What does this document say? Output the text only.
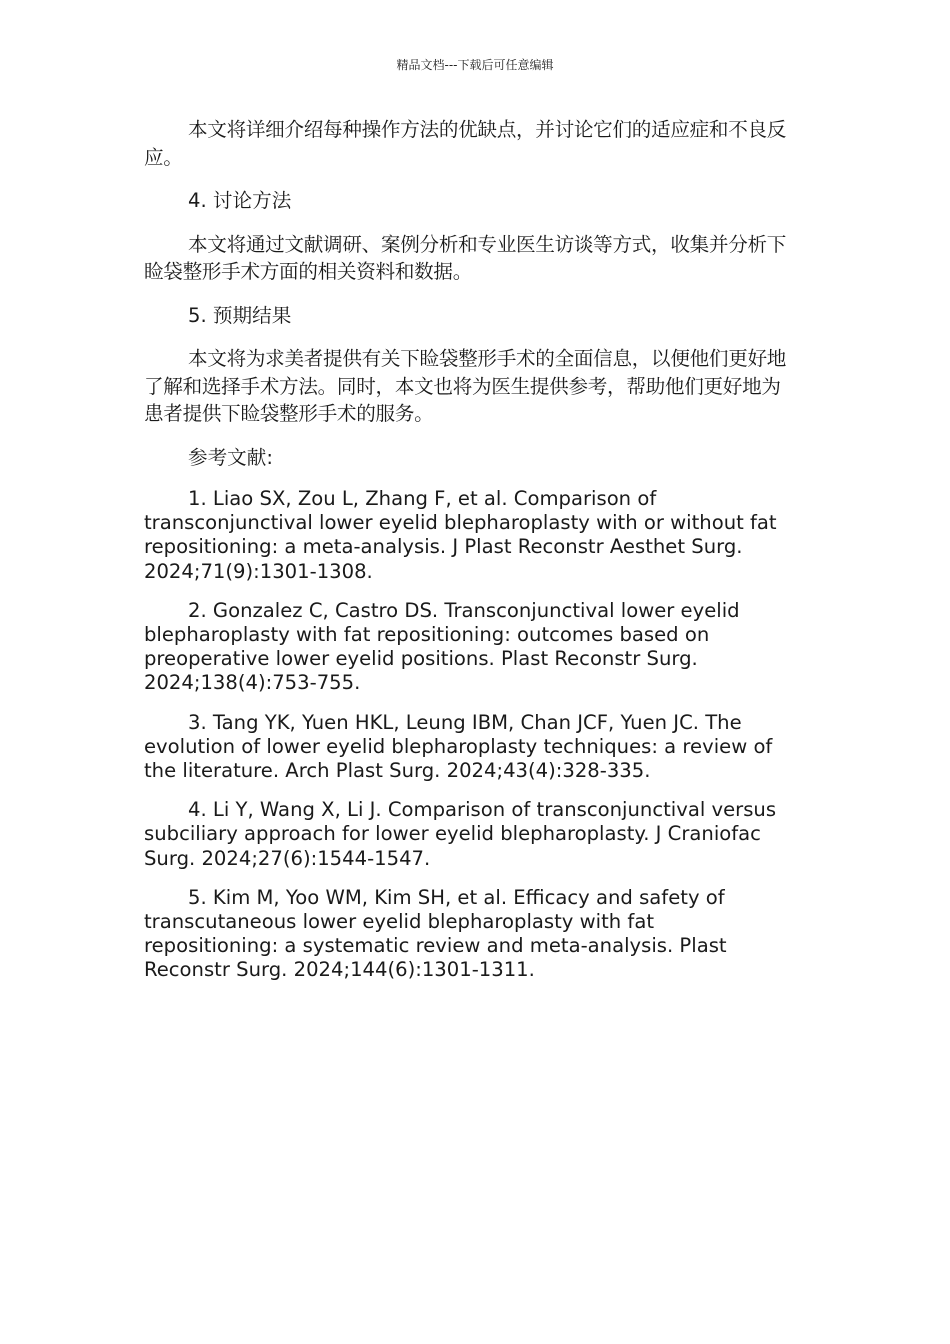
精品文档---下载后可任意编辑

本文将详细介绍每种操作方法的优缺点，并讨论它们的适应症和不良反应。

4. 讨论方法

本文将通过文献调研、案例分析和专业医生访谈等方式，收集并分析下睑袋整形手术方面的相关资料和数据。

5. 预期结果

本文将为求美者提供有关下睑袋整形手术的全面信息，以便他们更好地了解和选择手术方法。同时，本文也将为医生提供参考，帮助他们更好地为患者提供下睑袋整形手术的服务。

参考文献:

1. Liao SX, Zou L, Zhang F, et al. Comparison of transconjunctival lower eyelid blepharoplasty with or without fat repositioning: a meta-analysis. J Plast Reconstr Aesthet Surg. 2024;71(9):1301-1308.

2. Gonzalez C, Castro DS. Transconjunctival lower eyelid blepharoplasty with fat repositioning: outcomes based on preoperative lower eyelid positions. Plast Reconstr Surg. 2024;138(4):753-755.

3. Tang YK, Yuen HKL, Leung IBM, Chan JCF, Yuen JC. The evolution of lower eyelid blepharoplasty techniques: a review of the literature. Arch Plast Surg. 2024;43(4):328-335.

4. Li Y, Wang X, Li J. Comparison of transconjunctival versus subciliary approach for lower eyelid blepharoplasty. J Craniofac Surg. 2024;27(6):1544-1547.

5. Kim M, Yoo WM, Kim SH, et al. Efficacy and safety of transcutaneous lower eyelid blepharoplasty with fat repositioning: a systematic review and meta-analysis. Plast Reconstr Surg. 2024;144(6):1301-1311.
